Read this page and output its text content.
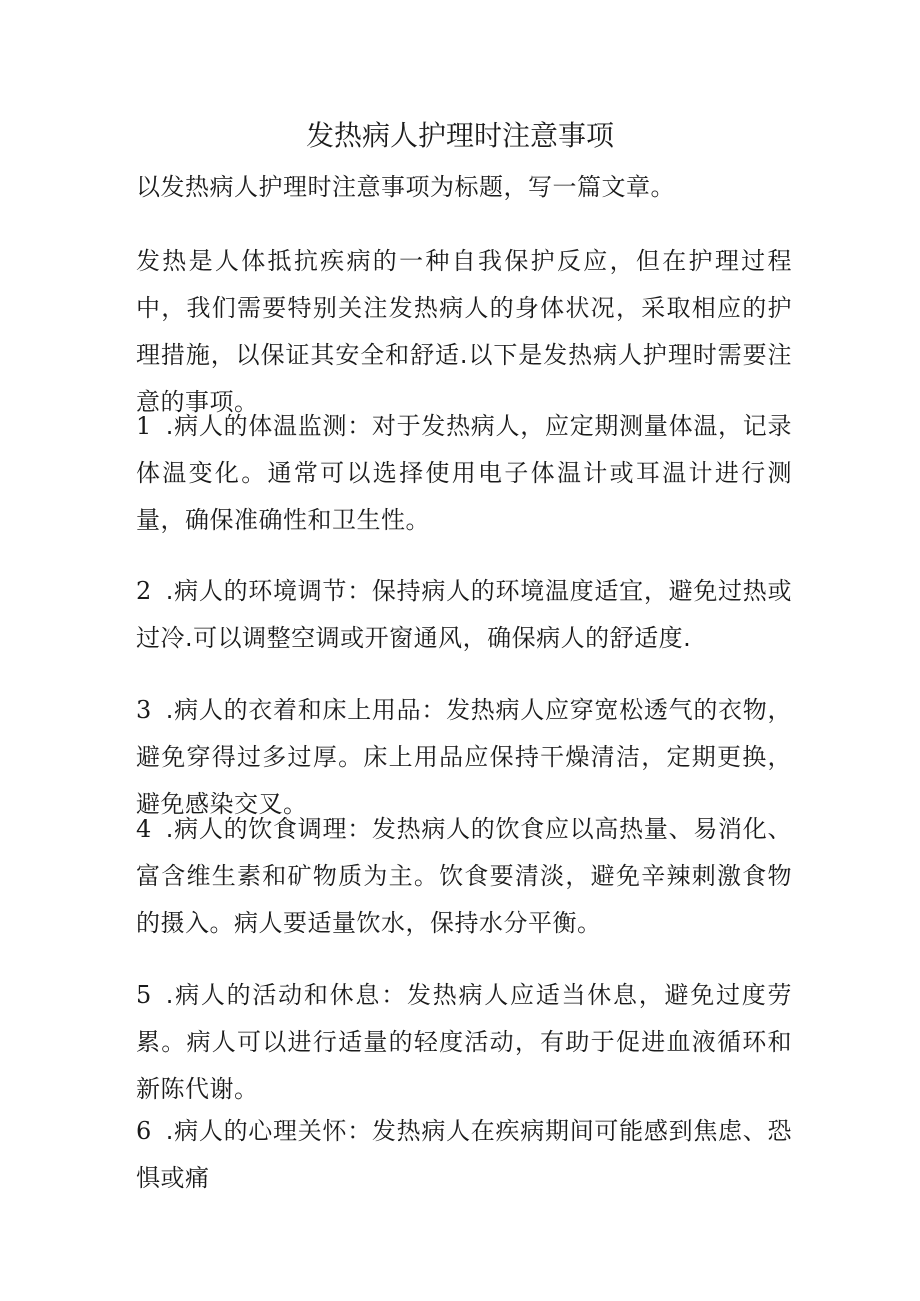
发热病人护理时注意事项

以发热病人护理时注意事项为标题，写一篇文章。

发热是人体抵抗疾病的一种自我保护反应，但在护理过程中，我们需要特别关注发热病人的身体状况，采取相应的护理措施，以保证其安全和舒适.以下是发热病人护理时需要注意的事项。

1 .病人的体温监测：对于发热病人，应定期测量体温，记录体温变化。通常可以选择使用电子体温计或耳温计进行测量，确保准确性和卫生性。

2 .病人的环境调节：保持病人的环境温度适宜，避免过热或过冷.可以调整空调或开窗通风，确保病人的舒适度.

3 .病人的衣着和床上用品：发热病人应穿宽松透气的衣物，避免穿得过多过厚。床上用品应保持干燥清洁，定期更换，避免感染交叉。

4 .病人的饮食调理：发热病人的饮食应以高热量、易消化、富含维生素和矿物质为主。饮食要清淡，避免辛辣刺激食物的摄入。病人要适量饮水，保持水分平衡。

5 .病人的活动和休息：发热病人应适当休息，避免过度劳累。病人可以进行适量的轻度活动，有助于促进血液循环和新陈代谢。

6 .病人的心理关怀：发热病人在疾病期间可能感到焦虑、恐惧或痛
